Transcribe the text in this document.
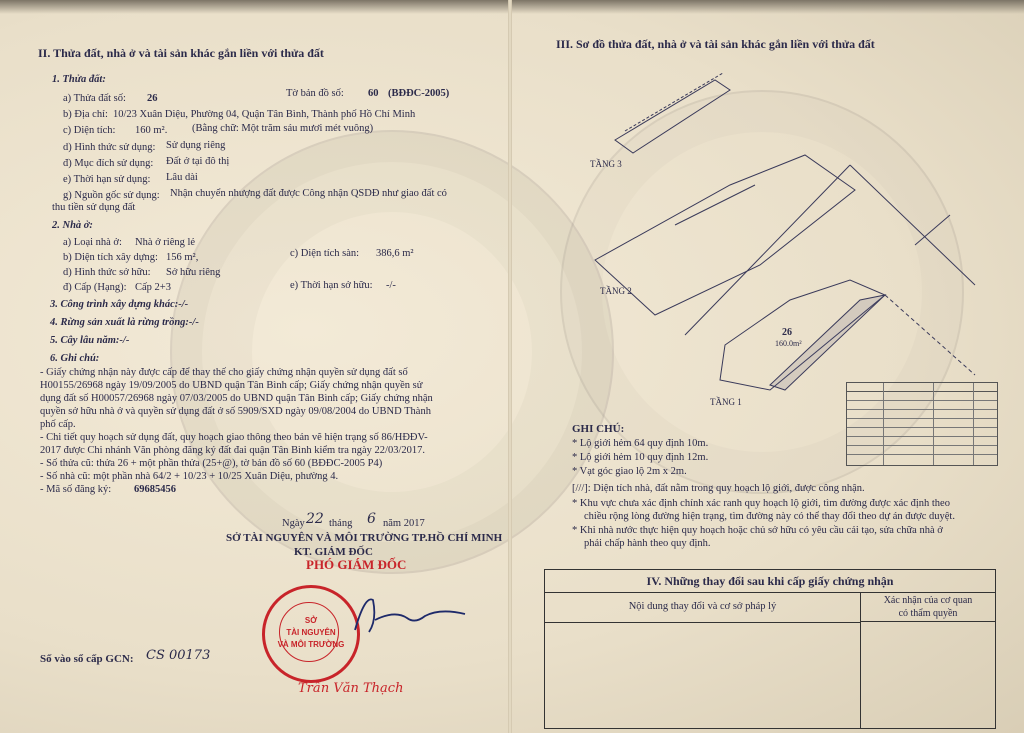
II. Thửa đất, nhà ở và tài sản khác gắn liền với thửa đất
1. Thửa đất:
a) Thửa đất số: 26	Tờ bản đồ số: 60 (BĐĐC-2005)
b) Địa chỉ: 10/23 Xuân Diệu, Phường 04, Quận Tân Bình, Thành phố Hồ Chí Minh
c) Diện tích: 160 m². (Bằng chữ: Một trăm sáu mươi mét vuông)
d) Hình thức sử dụng: Sử dụng riêng
đ) Mục đích sử dụng: Đất ở tại đô thị
e) Thời hạn sử dụng: Lâu dài
g) Nguồn gốc sử dụng: Nhận chuyển nhượng đất được Công nhận QSDĐ như giao đất có
thu tiền sử dụng đất
2. Nhà ở:
a) Loại nhà ở: Nhà ở riêng lẻ
b) Diện tích xây dựng: 156 m²,	c) Diện tích sàn: 386,6 m²
d) Hình thức sở hữu: Sở hữu riêng
đ) Cấp (Hạng): Cấp 2+3	e) Thời hạn sở hữu: -/-
3. Công trình xây dựng khác:-/-
4. Rừng sản xuất là rừng trồng:-/-
5. Cây lâu năm:-/-
6. Ghi chú:
- Giấy chứng nhận này được cấp để thay thế cho giấy chứng nhận quyền sử dụng đất số
H00155/26968 ngày 19/09/2005 do UBND quận Tân Bình cấp; Giấy chứng nhận quyền sử
dụng đất số H00057/26968 ngày 07/03/2005 do UBND quận Tân Bình cấp; Giấy chứng nhận
quyền sở hữu nhà ở và quyền sử dụng đất ở số 5909/SXD ngày 09/08/2004 do UBND Thành
phố cấp.
- Chi tiết quy hoạch sử dụng đất, quy hoạch giao thông theo bản vẽ hiện trạng số 86/HĐĐV-
2017 được Chi nhánh Văn phòng đăng ký đất đai quận Tân Bình kiểm tra ngày 22/03/2017.
- Số thửa cũ: thửa 26 + một phần thửa (25+@), tờ bản đồ số 60 (BĐĐC-2005 P4)
- Số nhà cũ: một phần nhà 64/2 + 10/23 + 10/25 Xuân Diệu, phường 4.
- Mã số đăng ký: 69685456
Ngày 22 tháng 6 năm 2017
SỞ TÀI NGUYÊN VÀ MÔI TRƯỜNG TP.HỒ CHÍ MINH
KT. GIÁM ĐỐC
PHÓ GIÁM ĐỐC
SỞ
TÀI NGUYÊN
VÀ MÔI TRƯỜNG
Trần Văn Thạch
Số vào sổ cấp GCN: CS 00173
III. Sơ đồ thửa đất, nhà ở và tài sản khác gắn liền với thửa đất
TẦNG 3
TẦNG 2
TẦNG 1
26
160.0m²
GHI CHÚ:
* Lộ giới hẻm 64 quy định 10m.
* Lộ giới hẻm 10 quy định 12m.
* Vạt góc giao lộ 2m x 2m.
[///]: Diện tích nhà, đất nằm trong quy hoạch lộ giới, được công nhận.
* Khu vực chưa xác định chính xác ranh quy hoạch lộ giới, tìm đường được xác định theo
chiều rộng lòng đường hiện trạng, tìm đường này có thể thay đổi theo dự án được duyệt.
* Khi nhà nước thực hiện quy hoạch hoặc chủ sở hữu có yêu cầu cải tạo, sửa chữa nhà ở
phải chấp hành theo quy định.
IV. Những thay đổi sau khi cấp giấy chứng nhận
Nội dung thay đổi và cơ sở pháp lý
Xác nhận của cơ quan
có thẩm quyền
